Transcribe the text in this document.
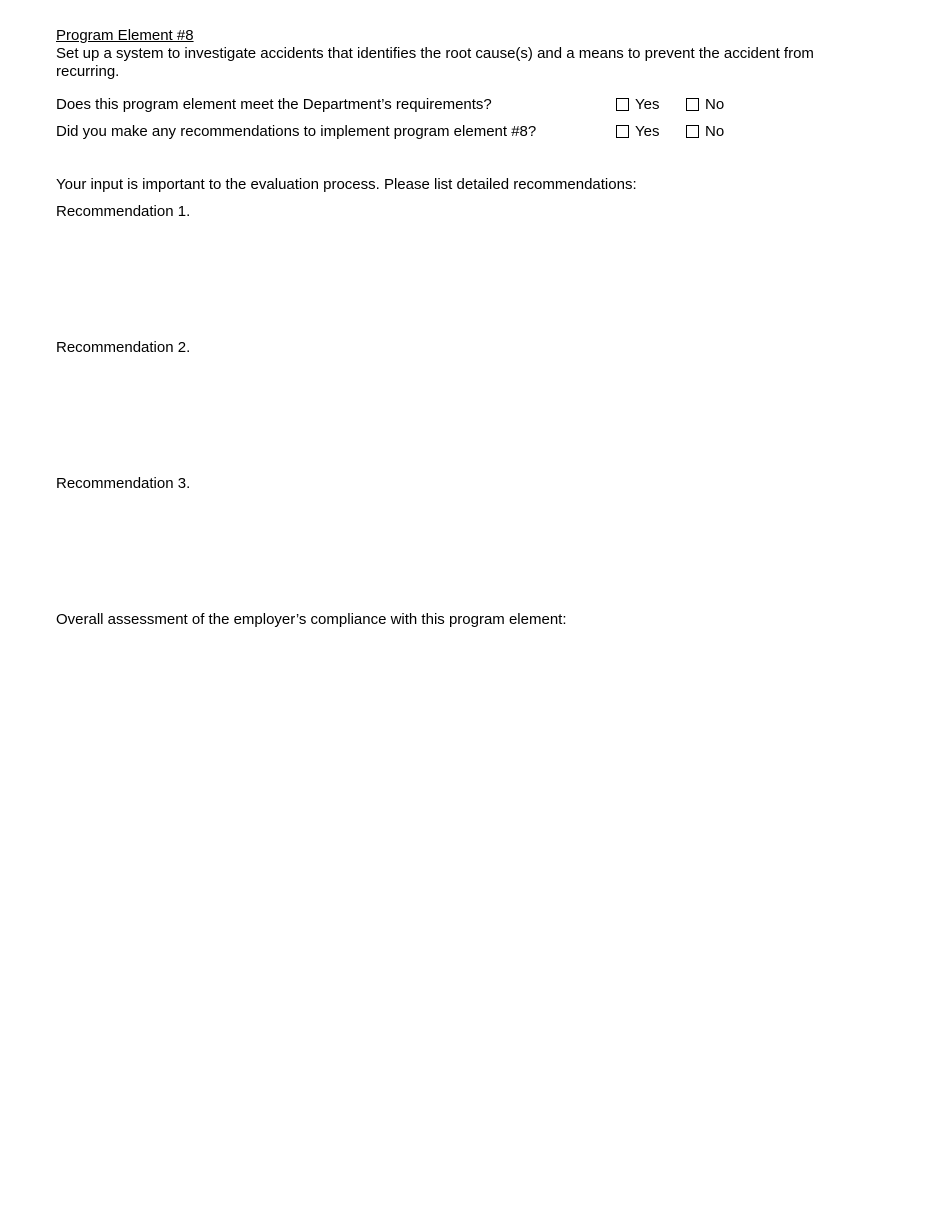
Program Element #8
Set up a system to investigate accidents that identifies the root cause(s) and a means to prevent the accident from recurring.
Does this program element meet the Department’s requirements?	Yes	No
Did you make any recommendations to implement program element #8?	Yes	No
Your input is important to the evaluation process. Please list detailed recommendations:
Recommendation 1.
Recommendation 2.
Recommendation 3.
Overall assessment of the employer’s compliance with this program element:
